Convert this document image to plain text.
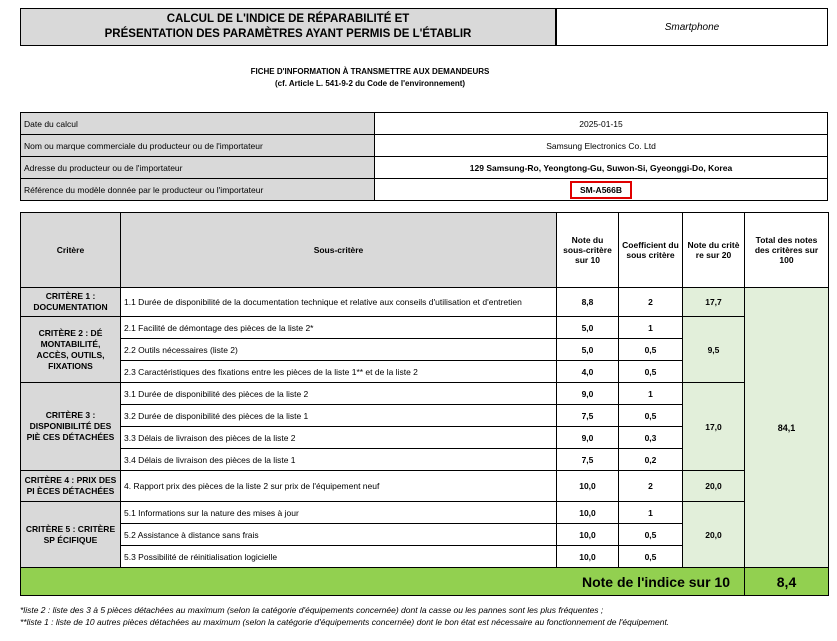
CALCUL DE L'INDICE DE RÉPARABILITÉ ET
PRÉSENTATION DES PARAMÈTRES AYANT PERMIS DE L'ÉTABLIR
Smartphone
FICHE D'INFORMATION À TRANSMETTRE AUX DEMANDEURS
(cf. Article L. 541-9-2 du Code de l'environnement)
Date du calcul	2025-01-15
Nom ou marque commerciale du producteur ou de l'importateur	Samsung Electronics Co. Ltd
Adresse du producteur ou de l'importateur	129 Samsung-Ro, Yeongtong-Gu, Suwon-Si, Gyeonggi-Do, Korea
Référence du modèle donnée par le producteur ou l'importateur	SM-A566B
Critère	Sous-critère	Note du sous-critère sur 10	Coefficient du sous critère	Note du critè re sur 20	Total des notes des critères sur 100
CRITÈRE 1 : DOCUMENTATION	1.1 Durée de disponibilité de la documentation technique et relative aux conseils d'utilisation et d'entretien	8,8	2	17,7	84,1
CRITÈRE 2 : DÉ MONTABILITÉ, ACCÈS, OUTILS, FIXATIONS	2.1 Facilité de démontage des pièces de la liste 2*	5,0	1	9,5	
	2.2 Outils nécessaires (liste 2)	5,0	0,5		
	2.3 Caractéristiques des fixations entre les pièces de la liste 1** et de la liste 2	4,0	0,5		
CRITÈRE 3 : DISPONIBILITÉ DES PIÈ CES DÉTACHÉES	3.1 Durée de disponibilité des pièces de la liste 2	9,0	1	17,0	
	3.2 Durée de disponibilité des pièces de la liste 1	7,5	0,5		
	3.3 Délais de livraison des pièces de la liste 2	9,0	0,3		
	3.4 Délais de livraison des pièces de la liste 1	7,5	0,2		
CRITÈRE 4 : PRIX DES PI ÈCES DÉTACHÉES	4. Rapport prix des pièces de la liste 2 sur prix de l'équipement neuf	10,0	2	20,0	
CRITÈRE 5 : CRITÈRE SP ÉCIFIQUE	5.1 Informations sur la nature des mises à jour	10,0	1	20,0	
	5.2 Assistance à distance sans frais	10,0	0,5		
	5.3 Possibilité de réinitialisation logicielle	10,0	0,5		
Note de l'indice sur 10					8,4
*liste 2 : liste des 3 à 5 pièces détachées au maximum (selon la catégorie d'équipements concernée) dont la casse ou les pannes sont les plus fréquentes ;
**liste 1 : liste de 10 autres pièces détachées au maximum (selon la catégorie d'équipements concernée) dont le bon état est nécessaire au fonctionnement de l'équipement.
